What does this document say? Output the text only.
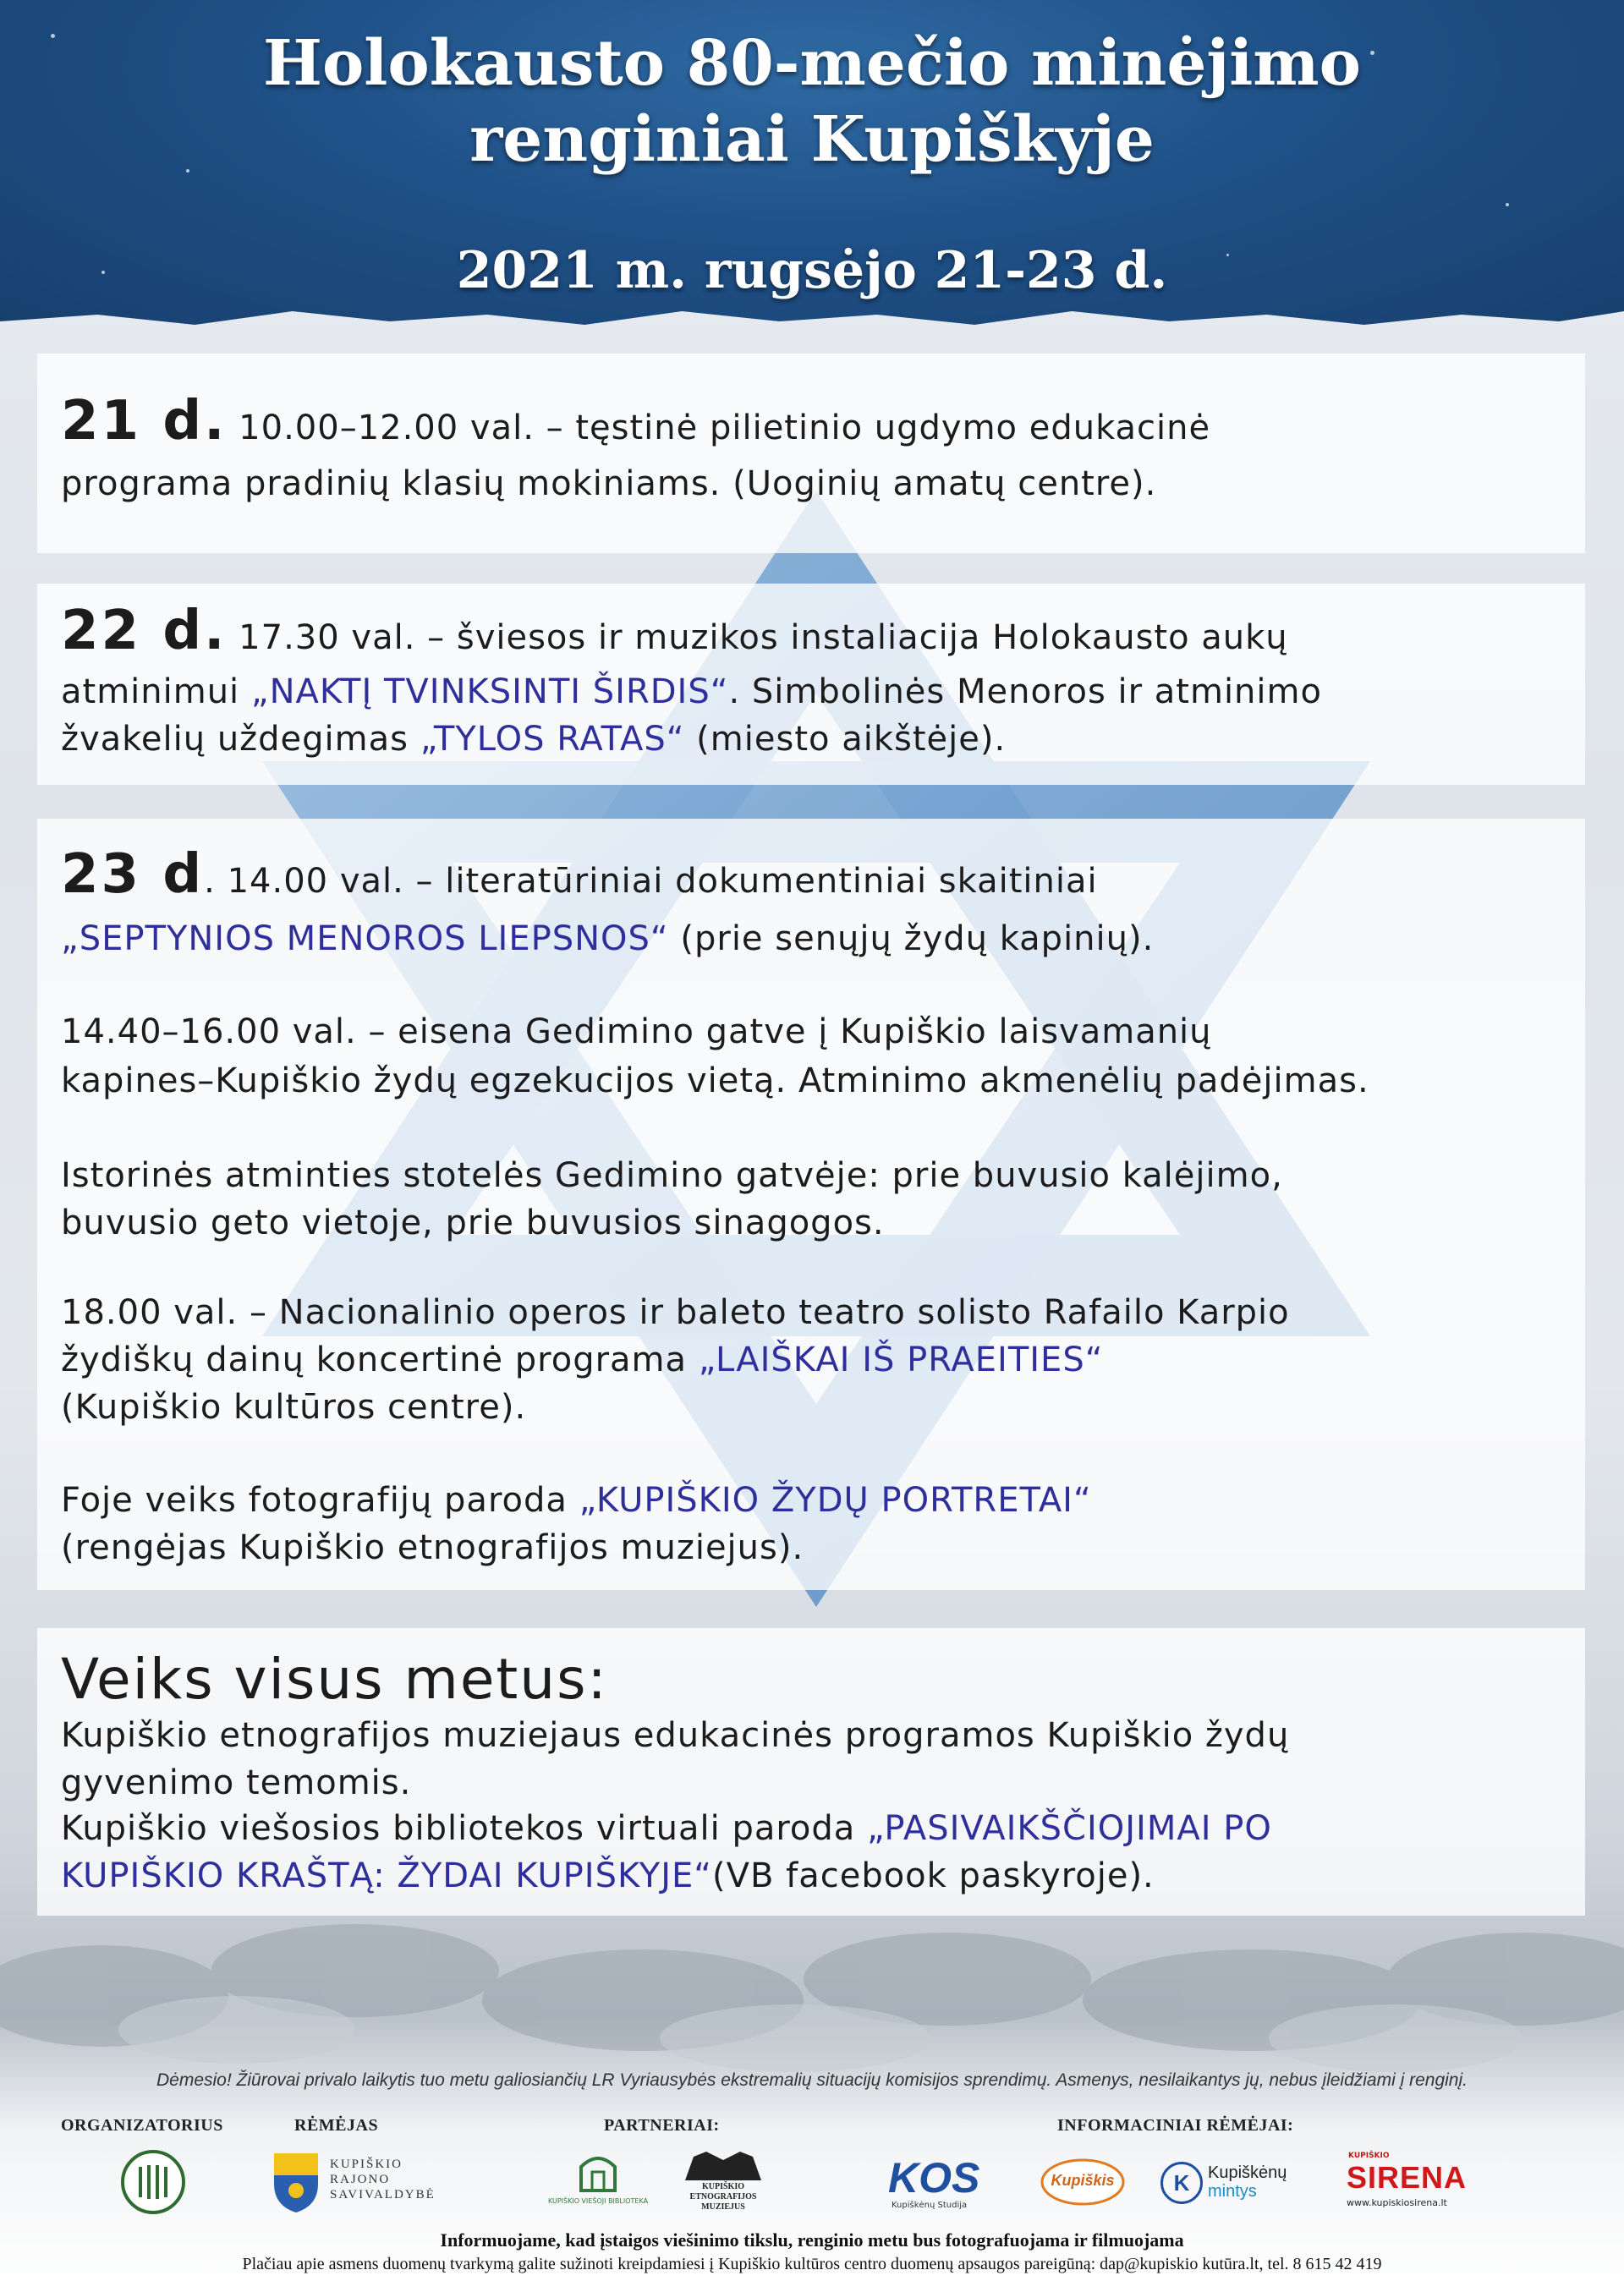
Holokausto 80-mečio minėjimo
renginiai Kupiškyje
2021 m. rugsėjo 21-23 d.
21 d. 10.00–12.00 val. – tęstinė pilietinio ugdymo edukacinė
programa pradinių klasių mokiniams. (Uoginių amatų centre).
22 d. 17.30 val. – šviesos ir muzikos instaliacija Holokausto aukų
atminimui „NAKTĮ TVINKSINTI ŠIRDIS“. Simbolinės Menoros ir atminimo
žvakelių uždegimas „TYLOS RATAS“ (miesto aikštėje).
23 d. 14.00 val. – literatūriniai dokumentiniai skaitiniai
„SEPTYNIOS MENOROS LIEPSNOS“ (prie senųjų žydų kapinių).
14.40–16.00 val. – eisena Gedimino gatve į Kupiškio laisvamanių
kapines–Kupiškio žydų egzekucijos vietą. Atminimo akmenėlių padėjimas.
Istorinės atminties stotelės Gedimino gatvėje: prie buvusio kalėjimo,
buvusio geto vietoje, prie buvusios sinagogos.
18.00 val. – Nacionalinio operos ir baleto teatro solisto Rafailo Karpio
žydiškų dainų koncertinė programa „LAIŠKAI IŠ PRAEITIES“
(Kupiškio kultūros centre).
Foje veiks fotografijų paroda „KUPIŠKIO ŽYDŲ PORTRETAI“
(rengėjas Kupiškio etnografijos muziejus).
Veiks visus metus:
Kupiškio etnografijos muziejaus edukacinės programos Kupiškio žydų
gyvenimo temomis.
Kupiškio viešosios bibliotekos virtuali paroda „PASIVAIKŠČIOJIMAI PO
KUPIŠKIO KRAŠTĄ: ŽYDAI KUPIŠKYJE“(VB facebook paskyroje).
Dėmesio! Žiūrovai privalo laikytis tuo metu galiosiančių LR Vyriausybės ekstremalių situacijų komisijos sprendimų. Asmenys, nesilaikantys jų, nebus įleidžiami į renginį.
ORGANIZATORIUS	RĖMĖJAS	PARTNERIAI:	INFORMACINIAI RĖMĖJAI:
KUPIŠKIO
RAJONO
SAVIVALDYBĖ	KUPIŠKIO VIEŠOJI BIBLIOTEKA
KUPIŠKIO
ETNOGRAFIJOS
MUZIEJUS
KOS
Kupiškėnų Studija
Kupiškis	K	Kupiškėnų
mintys
KUPIŠKIO
SIRENA
www.kupiskiosirena.lt
Informuojame, kad įstaigos viešinimo tikslu, renginio metu bus fotografuojama ir filmuojama
Plačiau apie asmens duomenų tvarkymą galite sužinoti kreipdamiesi į Kupiškio kultūros centro duomenų apsaugos pareigūną: dap@kupiskio kutūra.lt, tel. 8 615 42 419
